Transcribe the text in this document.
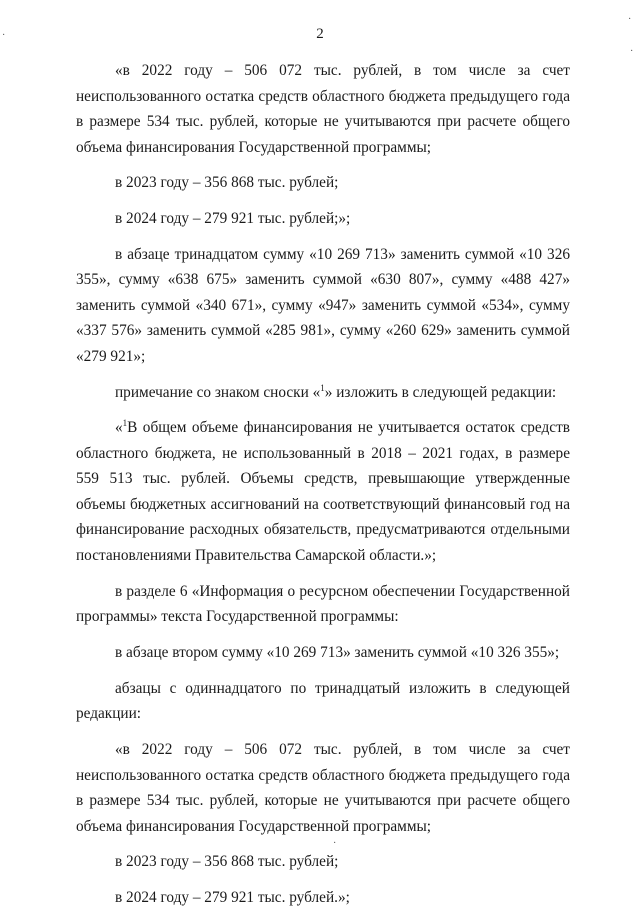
2

«в 2022 году – 506 072 тыс. рублей, в том числе за счет неиспользованного остатка средств областного бюджета предыдущего года в размере 534 тыс. рублей, которые не учитываются при расчете общего объема финансирования Государственной программы;

в 2023 году – 356 868 тыс. рублей;

в 2024 году – 279 921 тыс. рублей;»;

в абзаце тринадцатом сумму «10 269 713» заменить суммой «10 326 355», сумму «638 675» заменить суммой «630 807», сумму «488 427» заменить суммой «340 671», сумму «947» заменить суммой «534», сумму «337 576» заменить суммой «285 981», сумму «260 629» заменить суммой «279 921»;

примечание со знаком сноски «$^1$» изложить в следующей редакции:

«$^1$В общем объеме финансирования не учитывается остаток средств областного бюджета, не использованный в 2018 – 2021 годах, в размере 559 513 тыс. рублей. Объемы средств, превышающие утвержденные объемы бюджетных ассигнований на соответствующий финансовый год на финансирование расходных обязательств, предусматриваются отдельными постановлениями Правительства Самарской области.»;

в разделе 6 «Информация о ресурсном обеспечении Государственной программы» текста Государственной программы:

в абзаце втором сумму «10 269 713» заменить суммой «10 326 355»;

абзацы с одиннадцатого по тринадцатый изложить в следующей редакции:

«в 2022 году – 506 072 тыс. рублей, в том числе за счет неиспользованного остатка средств областного бюджета предыдущего года в размере 534 тыс. рублей, которые не учитываются при расчете общего объема финансирования Государственной программы;

в 2023 году – 356 868 тыс. рублей;

в 2024 году – 279 921 тыс. рублей.»;

·
·
·
·
